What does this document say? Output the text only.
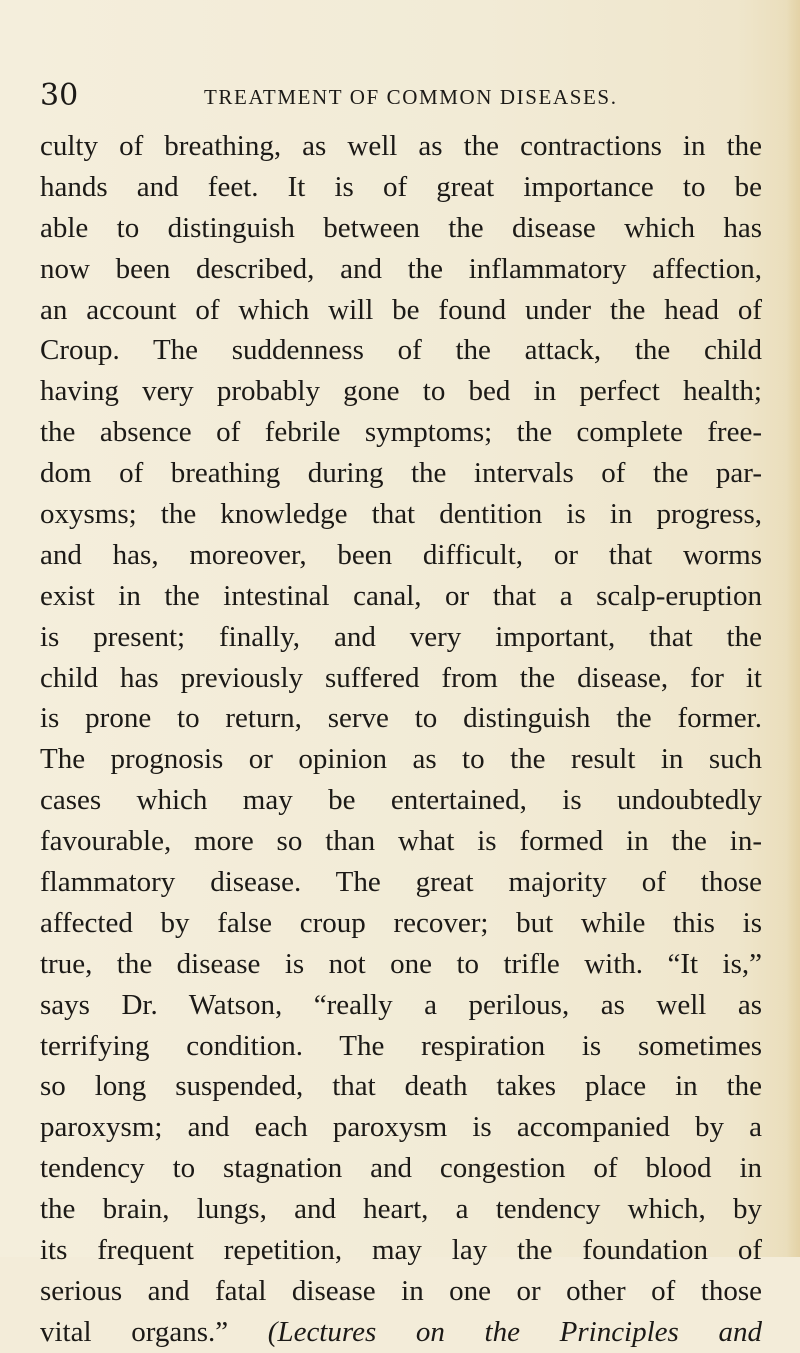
30	TREATMENT OF COMMON DISEASES.
culty of breathing, as well as the contractions in the
hands and feet. It is of great importance to be
able to distinguish between the disease which has
now been described, and the inflammatory affection,
an account of which will be found under the head of
Croup. The suddenness of the attack, the child
having very probably gone to bed in perfect health;
the absence of febrile symptoms; the complete free-
dom of breathing during the intervals of the par-
oxysms; the knowledge that dentition is in progress,
and has, moreover, been difficult, or that worms
exist in the intestinal canal, or that a scalp-eruption
is present; finally, and very important, that the
child has previously suffered from the disease, for it
is prone to return, serve to distinguish the former.
The prognosis or opinion as to the result in such
cases which may be entertained, is undoubtedly
favourable, more so than what is formed in the in-
flammatory disease. The great majority of those
affected by false croup recover; but while this is
true, the disease is not one to trifle with. “It is,”
says Dr. Watson, “really a perilous, as well as
terrifying condition. The respiration is sometimes
so long suspended, that death takes place in the
paroxysm; and each paroxysm is accompanied by a
tendency to stagnation and congestion of blood in
the brain, lungs, and heart, a tendency which, by
its frequent repetition, may lay the foundation of
serious and fatal disease in one or other of those
vital organs.” (Lectures on the Principles and
